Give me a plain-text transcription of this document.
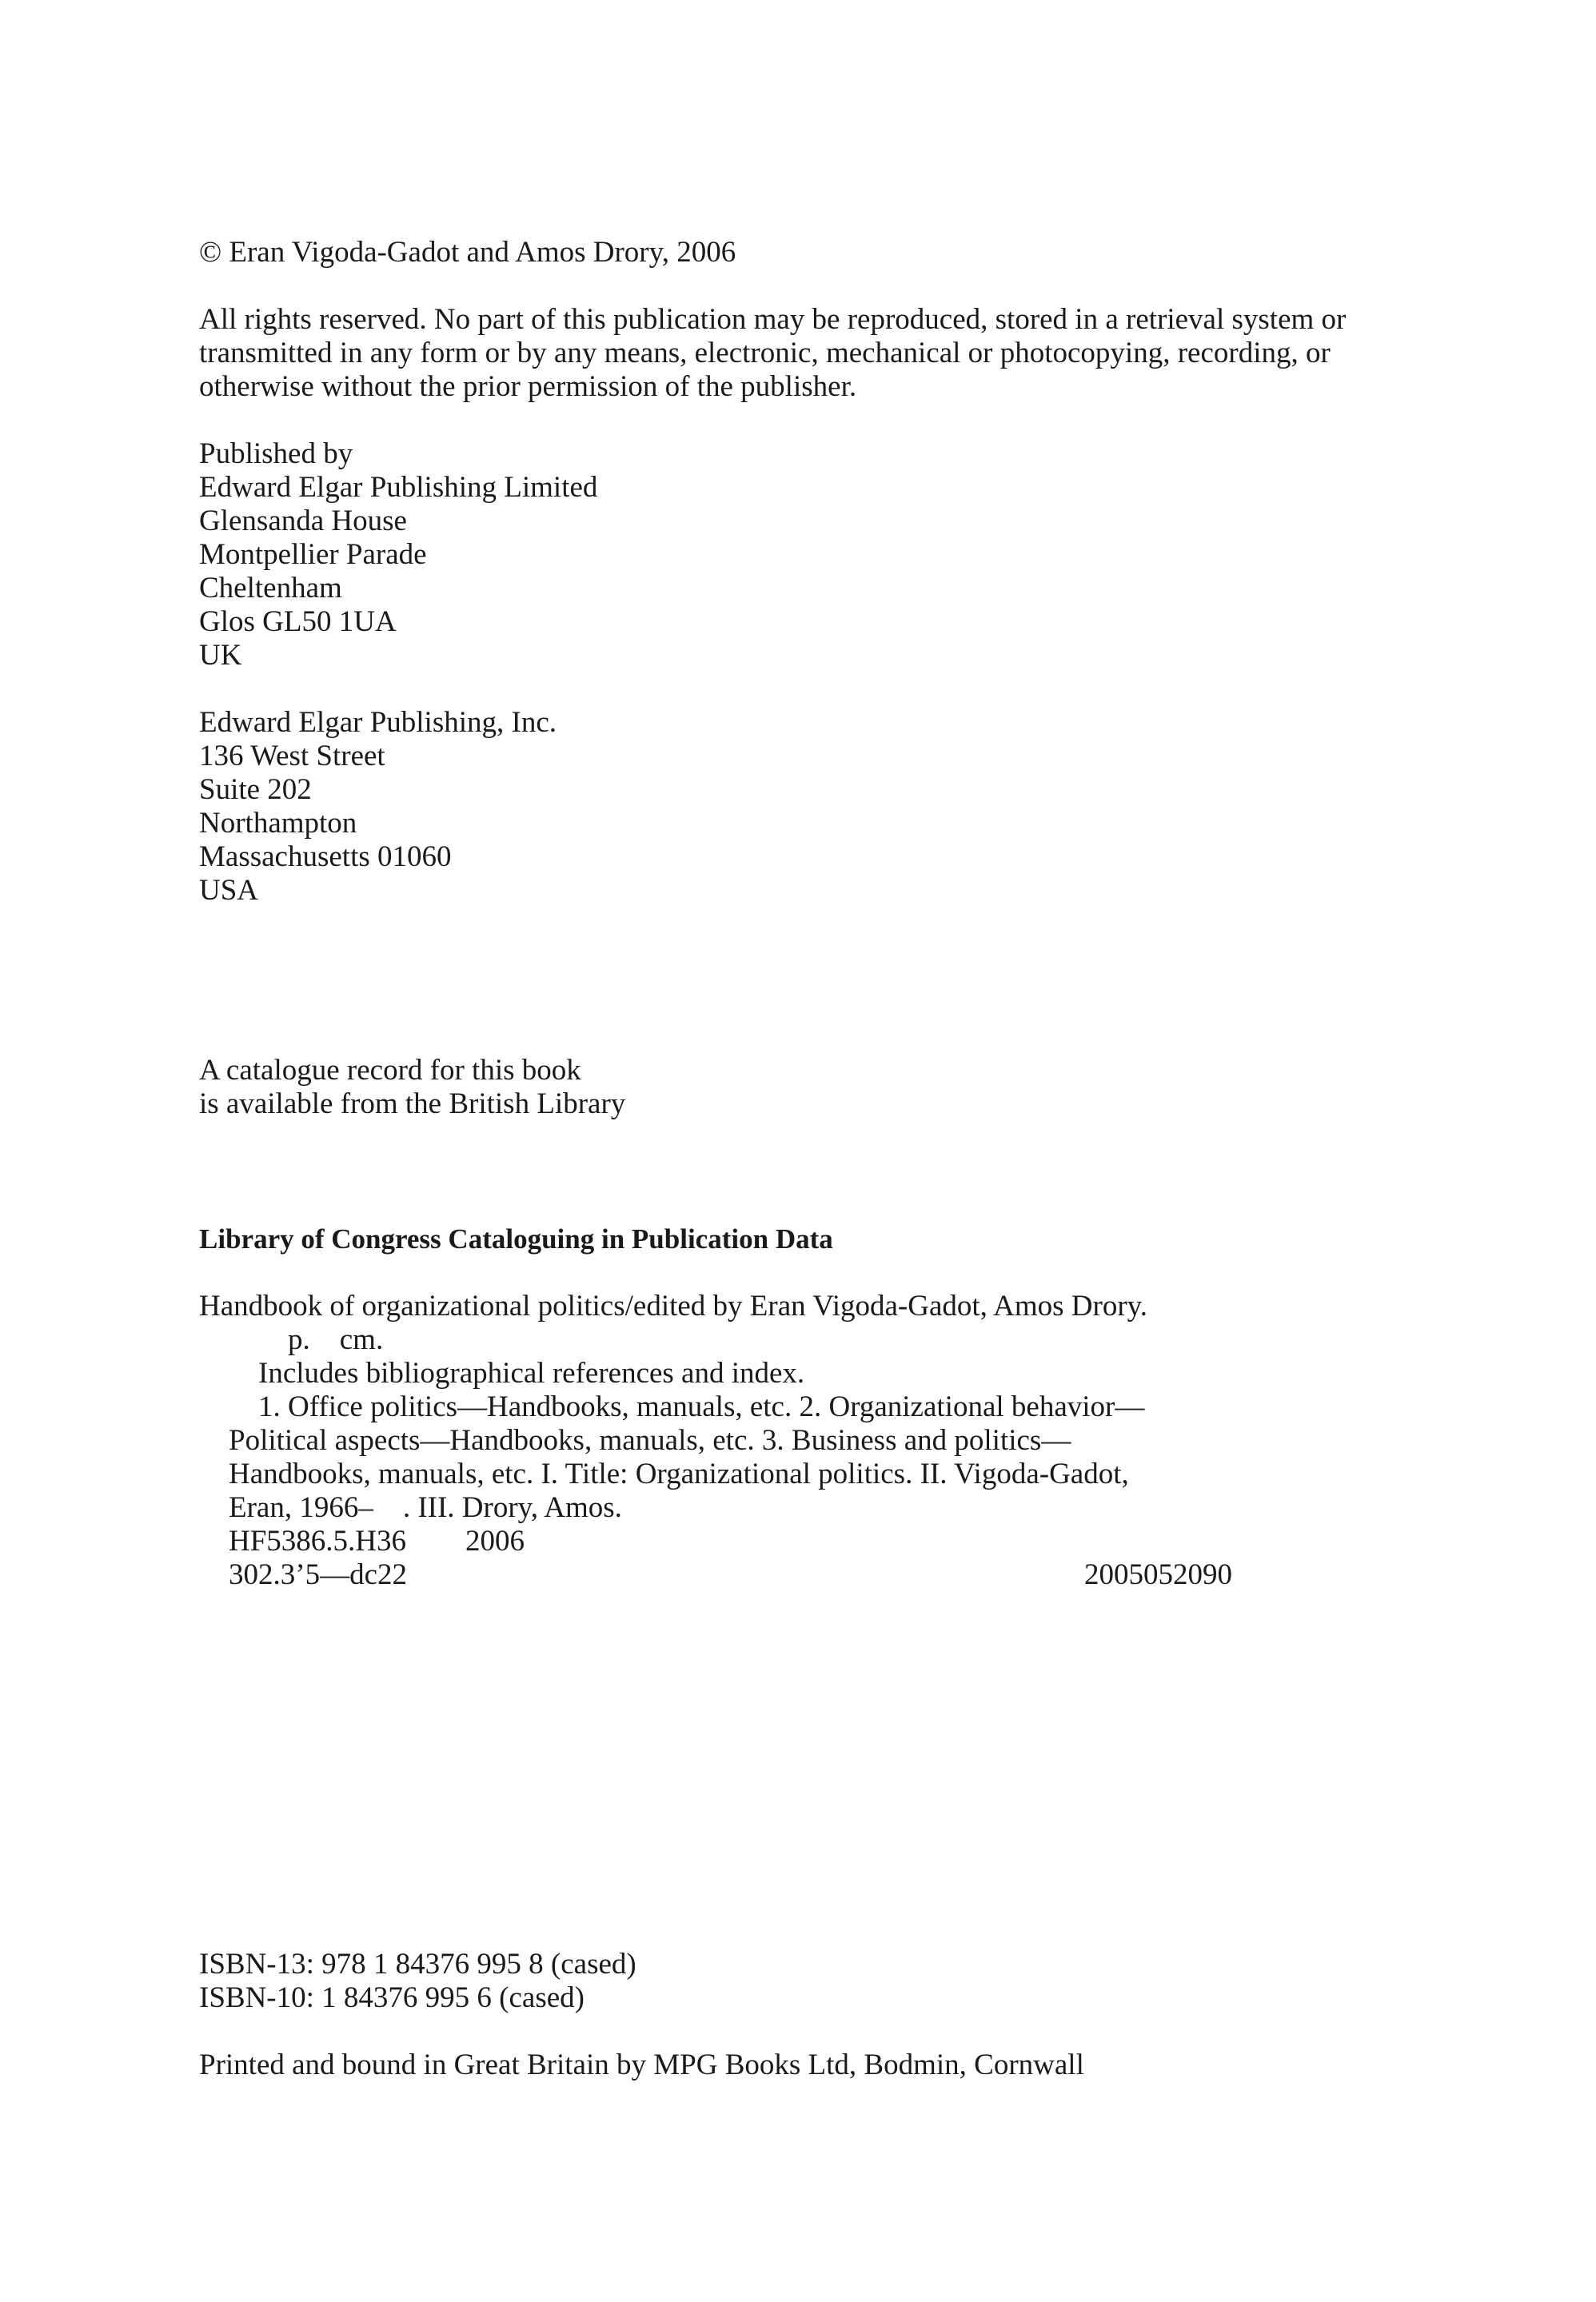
© Eran Vigoda-Gadot and Amos Drory, 2006
All rights reserved. No part of this publication may be reproduced, stored in a retrieval system or
transmitted in any form or by any means, electronic, mechanical or photocopying, recording, or
otherwise without the prior permission of the publisher.
Published by
Edward Elgar Publishing Limited
Glensanda House
Montpellier Parade
Cheltenham
Glos GL50 1UA
UK
Edward Elgar Publishing, Inc.
136 West Street
Suite 202
Northampton
Massachusetts 01060
USA
A catalogue record for this book
is available from the British Library
Library of Congress Cataloguing in Publication Data
Handbook of organizational politics/edited by Eran Vigoda-Gadot, Amos Drory.
p.    cm.
Includes bibliographical references and index.
1. Office politics—Handbooks, manuals, etc. 2. Organizational behavior—
Political aspects—Handbooks, manuals, etc. 3. Business and politics—
Handbooks, manuals, etc. I. Title: Organizational politics. II. Vigoda-Gadot,
Eran, 1966–    . III. Drory, Amos.
HF5386.5.H36        2006
302.3’5—dc22	2005052090
ISBN-13: 978 1 84376 995 8 (cased)
ISBN-10: 1 84376 995 6 (cased)
Printed and bound in Great Britain by MPG Books Ltd, Bodmin, Cornwall
